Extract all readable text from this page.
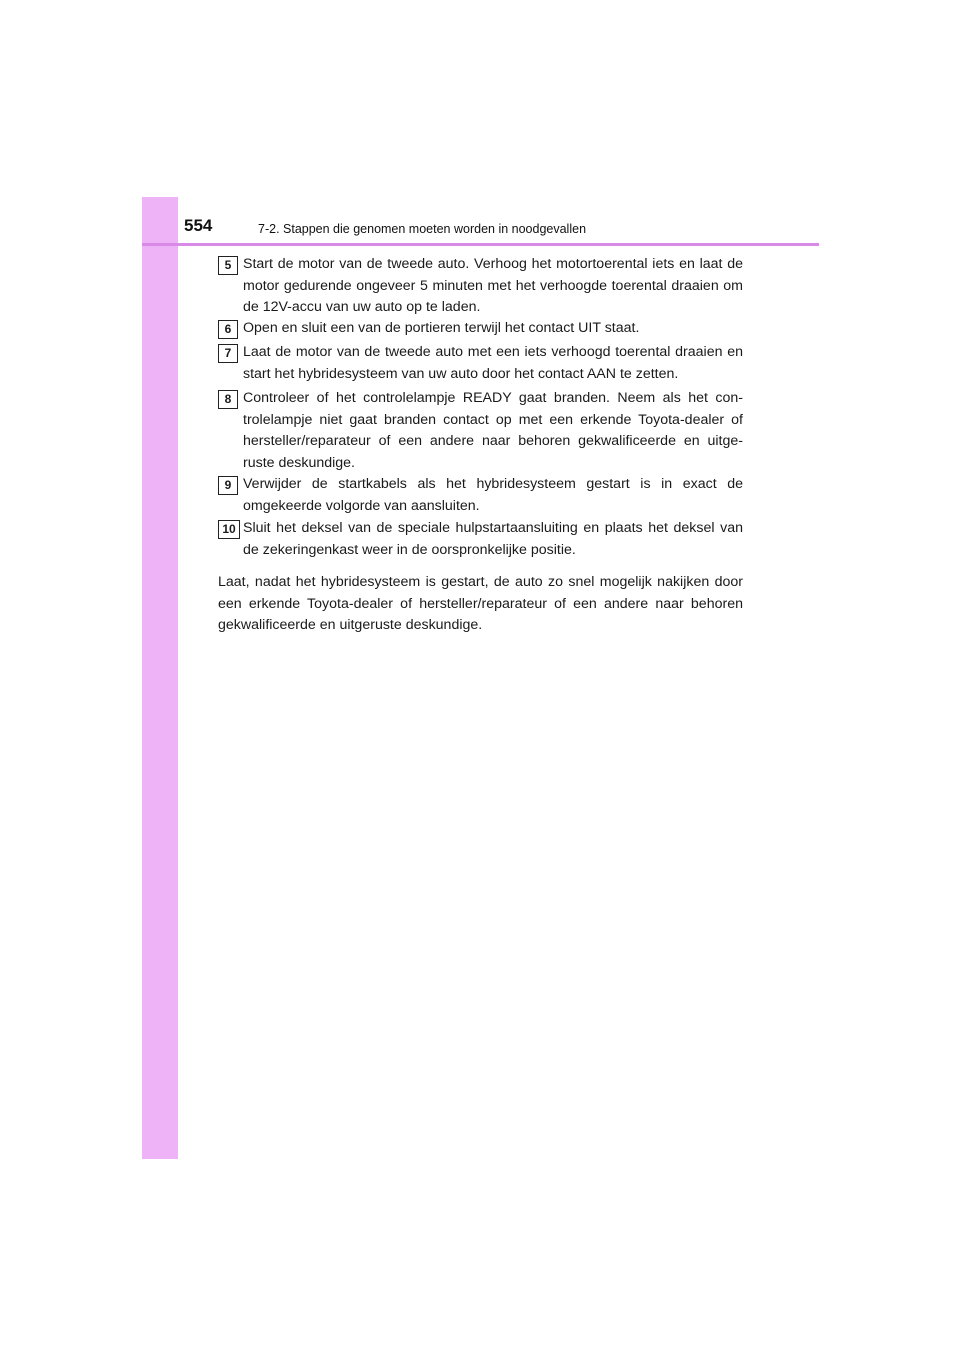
554	7-2. Stappen die genomen moeten worden in noodgevallen
5 Start de motor van de tweede auto. Verhoog het motortoerental iets en laat de motor gedurende ongeveer 5 minuten met het verhoogde toerental draaien om de 12V-accu van uw auto op te laden.
6 Open en sluit een van de portieren terwijl het contact UIT staat.
7 Laat de motor van de tweede auto met een iets verhoogd toerental draaien en start het hybridesysteem van uw auto door het contact AAN te zetten.
8 Controleer of het controlelampje READY gaat branden. Neem als het con-trolelampje niet gaat branden contact op met een erkende Toyota-dealer of hersteller/reparateur of een andere naar behoren gekwalificeerde en uitge-ruste deskundige.
9 Verwijder de startkabels als het hybridesysteem gestart is in exact de omgekeerde volgorde van aansluiten.
10 Sluit het deksel van de speciale hulpstartaansluiting en plaats het deksel van de zekeringenkast weer in de oorspronkelijke positie.
Laat, nadat het hybridesysteem is gestart, de auto zo snel mogelijk nakijken door een erkende Toyota-dealer of hersteller/reparateur of een andere naar behoren gekwalificeerde en uitgeruste deskundige.
